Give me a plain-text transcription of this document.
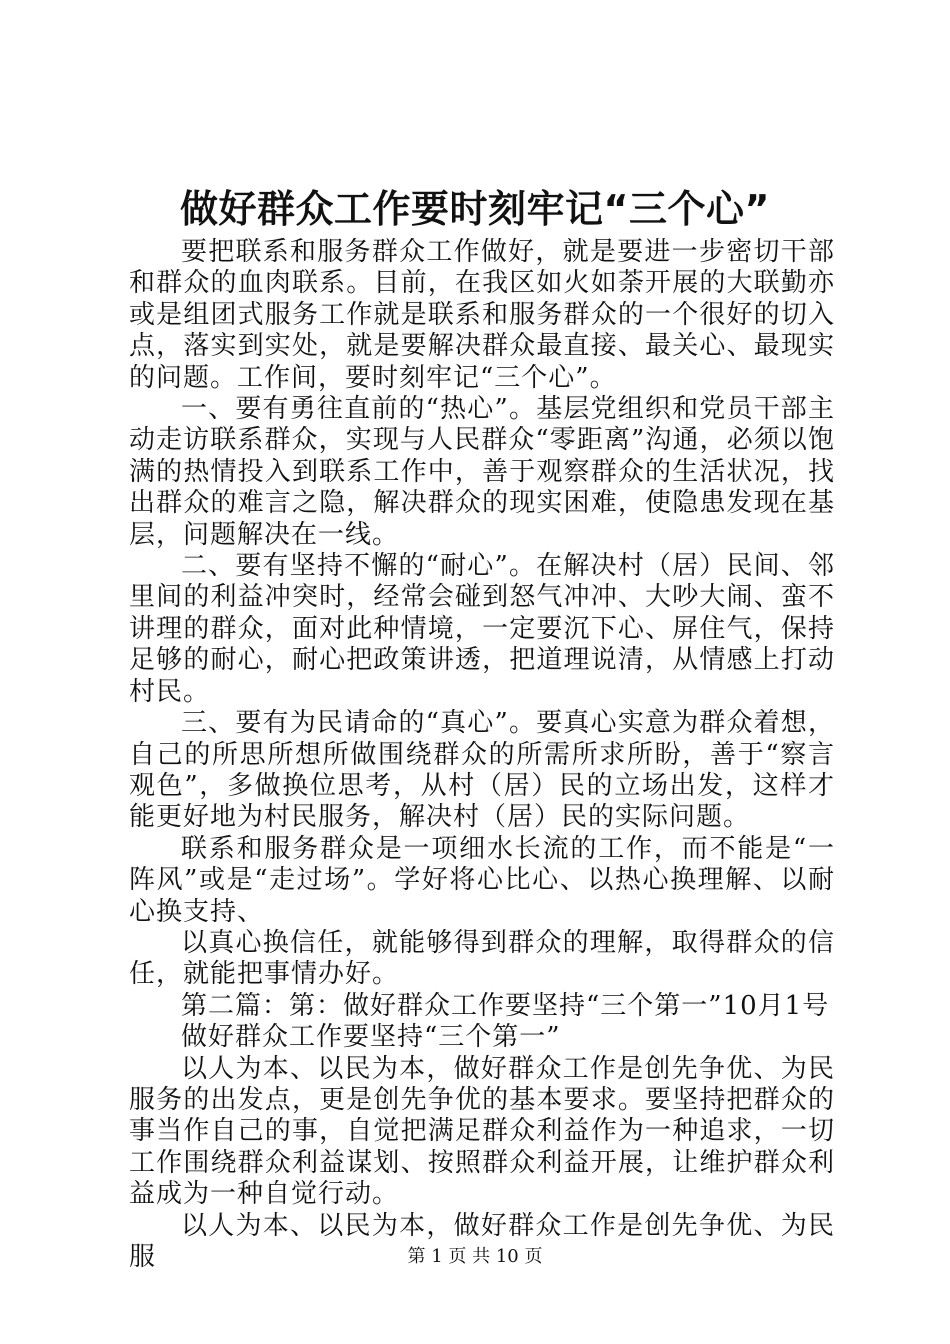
做好群众工作要时刻牢记“三个心”

要把联系和服务群众工作做好，就是要进一步密切干部和群众的血肉联系。目前，在我区如火如荼开展的大联勤亦或是组团式服务工作就是联系和服务群众的一个很好的切入点，落实到实处，就是要解决群众最直接、最关心、最现实的问题。工作间，要时刻牢记“三个心”。

一、要有勇往直前的“热心”。基层党组织和党员干部主动走访联系群众，实现与人民群众“零距离”沟通，必须以饱满的热情投入到联系工作中，善于观察群众的生活状况，找出群众的难言之隐，解决群众的现实困难，使隐患发现在基层，问题解决在一线。

二、要有坚持不懈的“耐心”。在解决村（居）民间、邻里间的利益冲突时，经常会碰到怒气冲冲、大吵大闹、蛮不讲理的群众，面对此种情境，一定要沉下心、屏住气，保持足够的耐心，耐心把政策讲透，把道理说清，从情感上打动村民。

三、要有为民请命的“真心”。要真心实意为群众着想，自己的所思所想所做围绕群众的所需所求所盼，善于“察言观色”，多做换位思考，从村（居）民的立场出发，这样才能更好地为村民服务，解决村（居）民的实际问题。

联系和服务群众是一项细水长流的工作，而不能是“一阵风”或是“走过场”。学好将心比心、以热心换理解、以耐心换支持、

以真心换信任，就能够得到群众的理解，取得群众的信任，就能把事情办好。

第二篇：第：做好群众工作要坚持“三个第一”10月1号

做好群众工作要坚持“三个第一”

以人为本、以民为本，做好群众工作是创先争优、为民服务的出发点，更是创先争优的基本要求。要坚持把群众的事当作自己的事，自觉把满足群众利益作为一种追求，一切工作围绕群众利益谋划、按照群众利益开展，让维护群众利益成为一种自觉行动。

以人为本、以民为本，做好群众工作是创先争优、为民服	第 1 页 共 10 页
